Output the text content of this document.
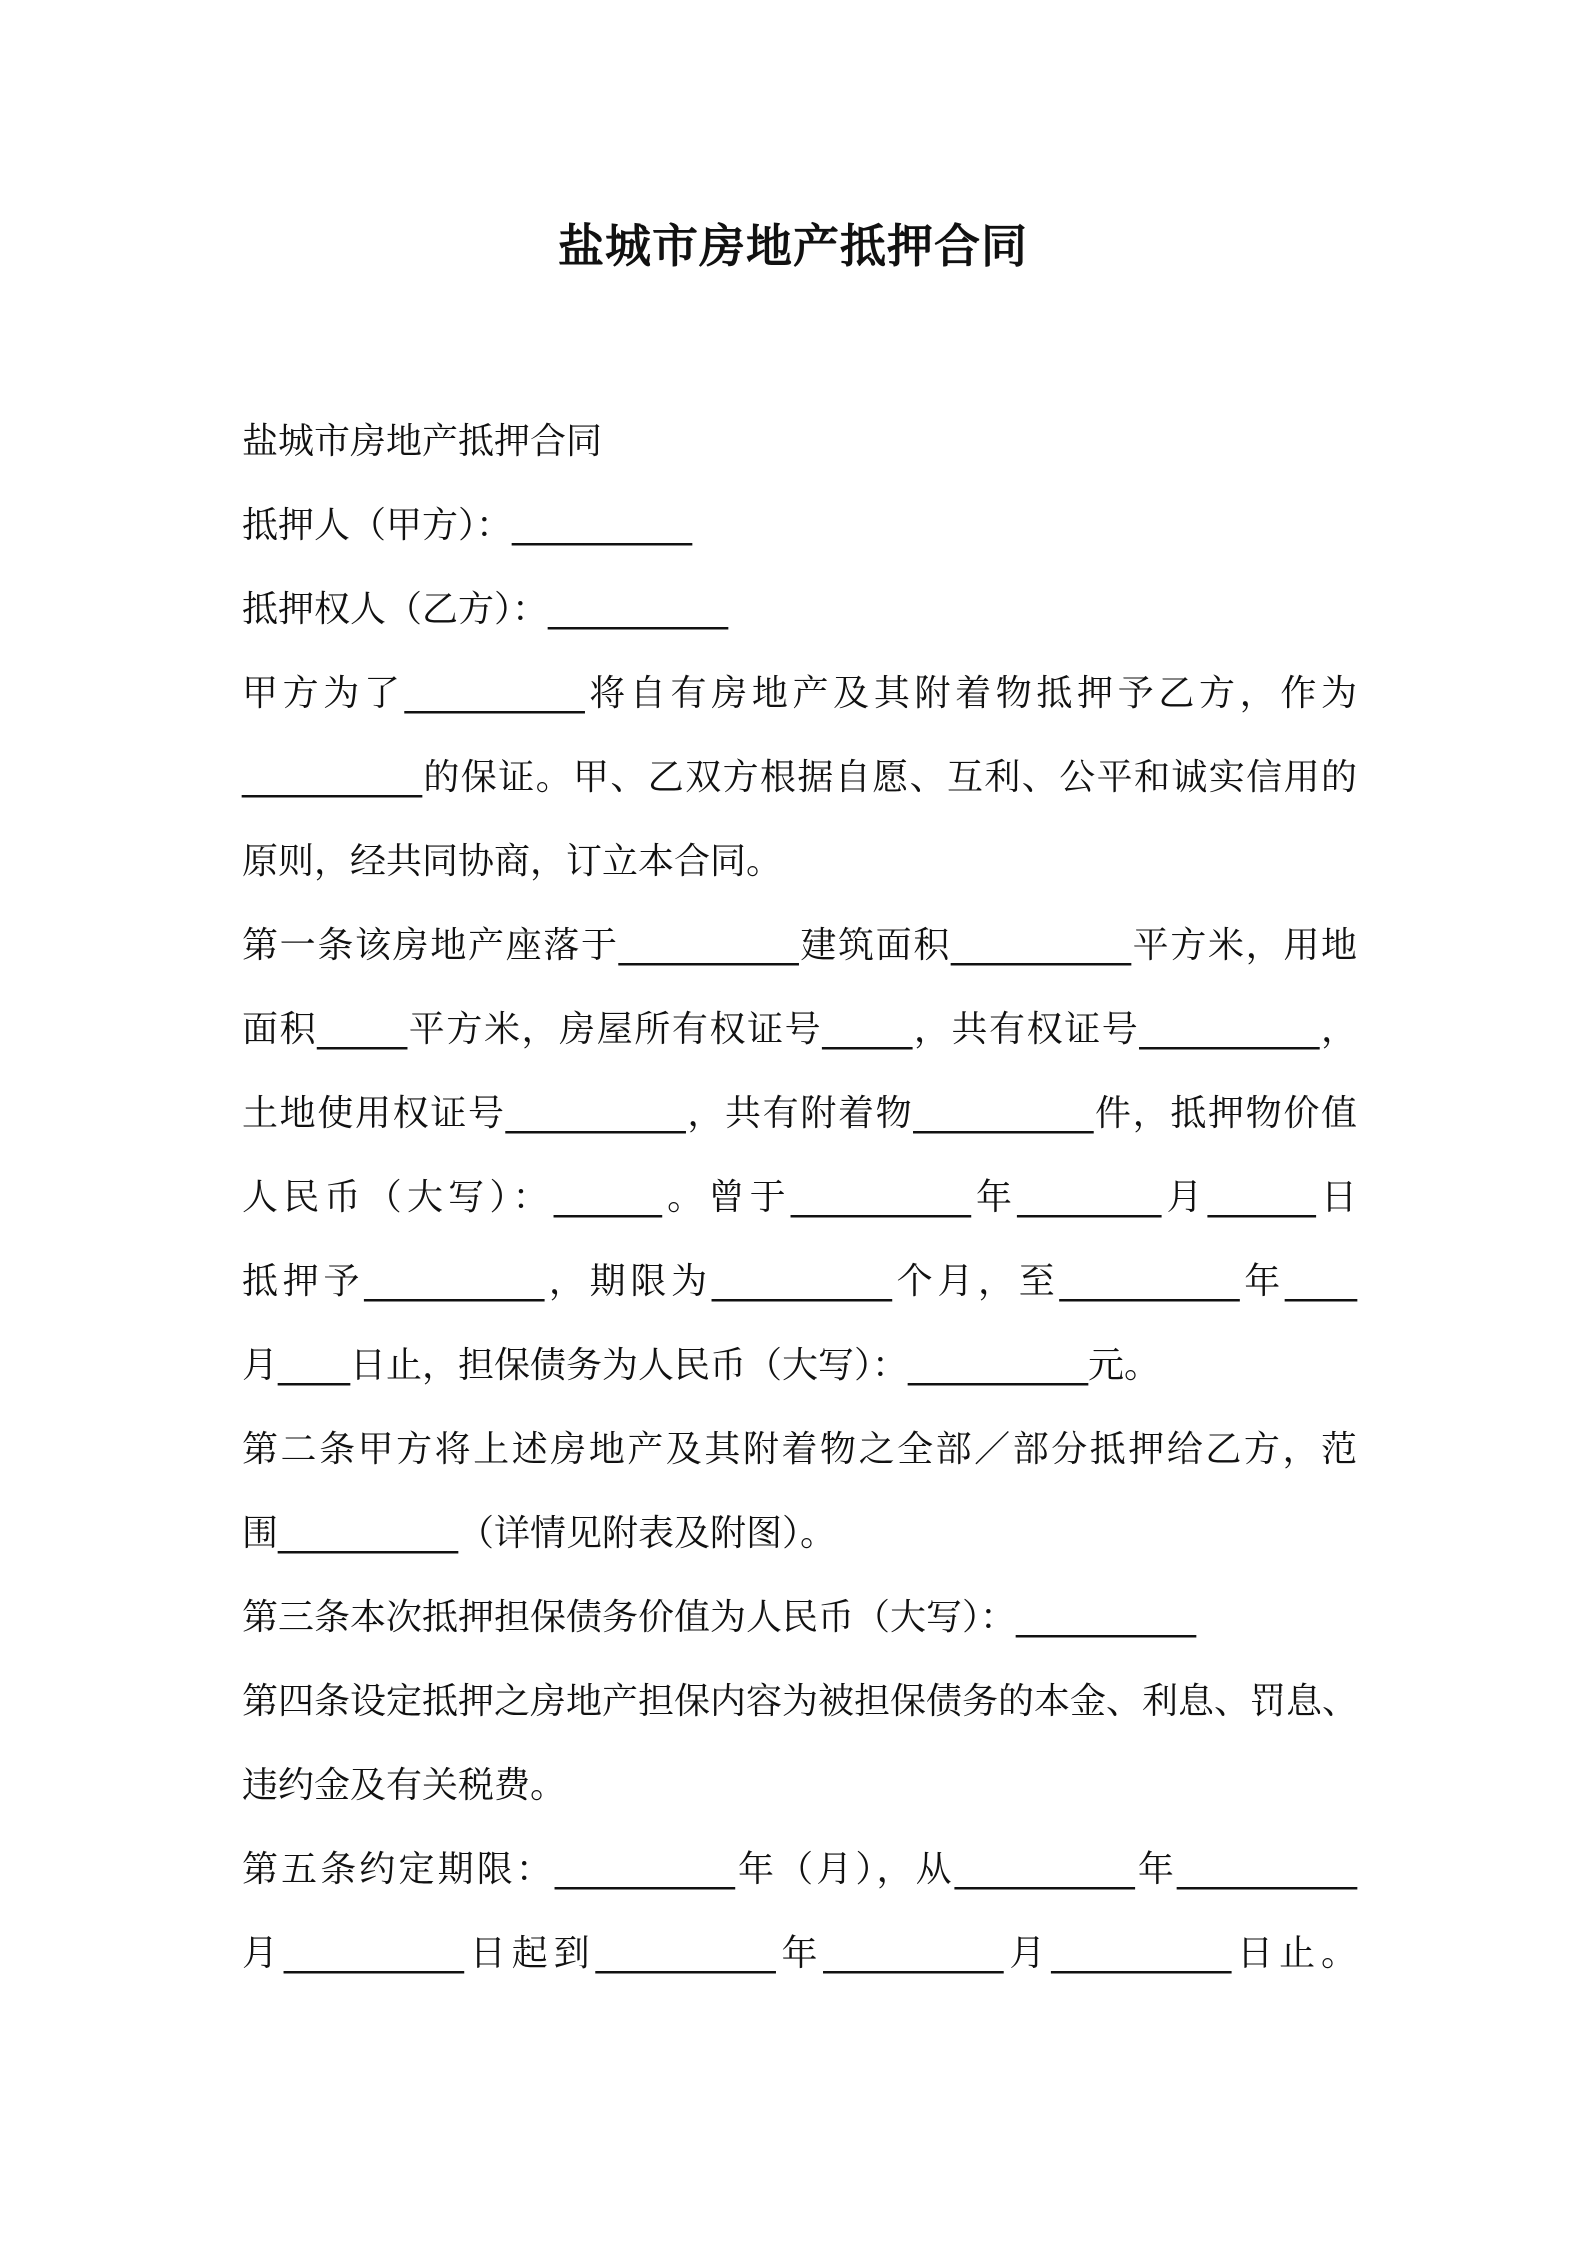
盐城市房地产抵押合同
盐城市房地产抵押合同
抵押人（甲方）：__________
抵押权人（乙方）：__________
甲方为了__________将自有房地产及其附着物抵押予乙方，作为
__________的保证。甲、乙双方根据自愿、互利、公平和诚实信用的
原则，经共同协商，订立本合同。
第一条该房地产座落于__________建筑面积__________平方米，用地
面积_____平方米，房屋所有权证号_____，共有权证号__________，
土地使用权证号__________，共有附着物__________件，抵押物价值
人民币（大写）：______。曾于__________年________月______日
抵押予__________，期限为__________个月，至__________年____
月____日止，担保债务为人民币（大写）：__________元。
第二条甲方将上述房地产及其附着物之全部／部分抵押给乙方，范
围__________（详情见附表及附图）。
第三条本次抵押担保债务价值为人民币（大写）：__________
第四条设定抵押之房地产担保内容为被担保债务的本金、利息、罚息、
违约金及有关税费。
第五条约定期限：__________年（月），从__________年__________
月__________日起到__________年__________月__________日止。
